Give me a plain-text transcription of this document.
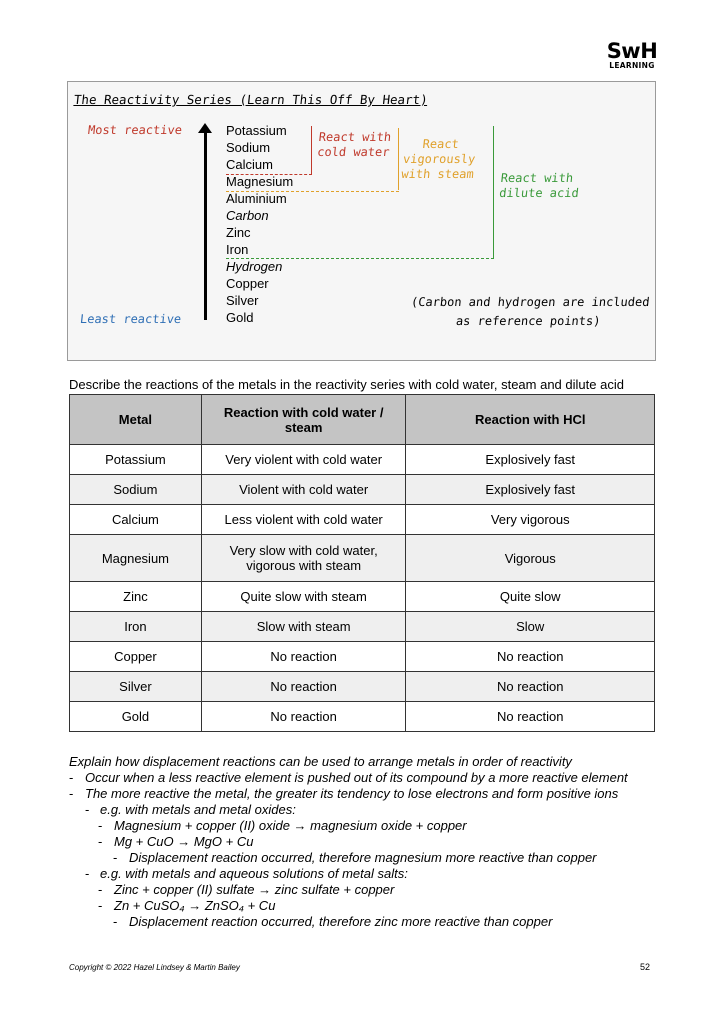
SwH
LEARNING
The Reactivity Series (Learn This Off By Heart)
Most reactive
Least reactive
Potassium
Sodium
Calcium
Magnesium
Aluminium
Carbon
Zinc
Iron
Hydrogen
Copper
Silver
Gold
React with
cold water
React
vigorously
with steam React with
dilute acid
(Carbon and hydrogen are included
as reference points)
Describe the reactions of the metals in the reactivity series with cold water, steam and dilute acid
Metal	Reaction with cold water / steam	Reaction with HCl
Potassium	Very violent with cold water	Explosively fast
Sodium	Violent with cold water	Explosively fast
Calcium	Less violent with cold water	Very vigorous
Magnesium	Very slow with cold water, vigorous with steam	Vigorous
Zinc	Quite slow with steam	Quite slow
Iron	Slow with steam	Slow
Copper	No reaction	No reaction
Silver	No reaction	No reaction
Gold	No reaction	No reaction
Explain how displacement reactions can be used to arrange metals in order of reactivity
- Occur when a less reactive element is pushed out of its compound by a more reactive element
- The more reactive the metal, the greater its tendency to lose electrons and form positive ions
- e.g. with metals and metal oxides:
- Magnesium + copper (II) oxide → magnesium oxide + copper
- Mg + CuO → MgO + Cu
- Displacement reaction occurred, therefore magnesium more reactive than copper
- e.g. with metals and aqueous solutions of metal salts:
- Zinc + copper (II) sulfate → zinc sulfate + copper
- Zn + CuSO₄ → ZnSO₄ + Cu
- Displacement reaction occurred, therefore zinc more reactive than copper
Copyright © 2022 Hazel Lindsey & Martin Bailey	52
